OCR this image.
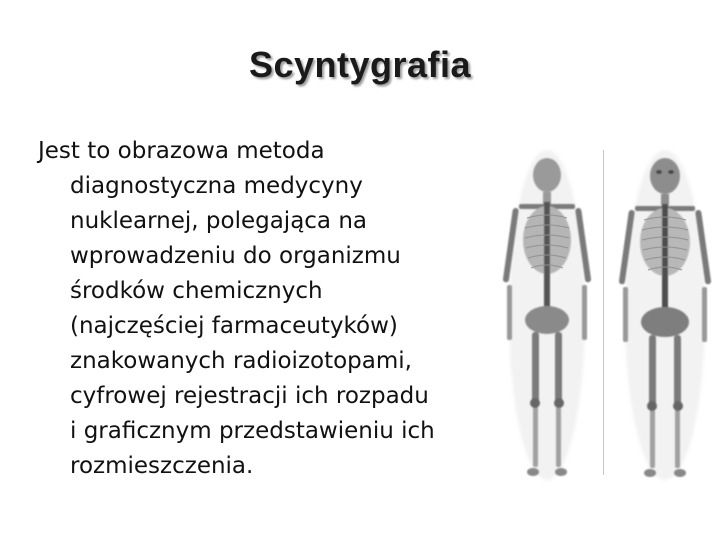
Scyntygrafia
Jest to obrazowa metoda
diagnostyczna medycyny
nuklearnej, polegająca na
wprowadzeniu do organizmu
środków chemicznych
(najczęściej farmaceutyków)
znakowanych radioizotopami,
cyfrowej rejestracji ich rozpadu
i graficznym przedstawieniu ich
rozmieszczenia.
